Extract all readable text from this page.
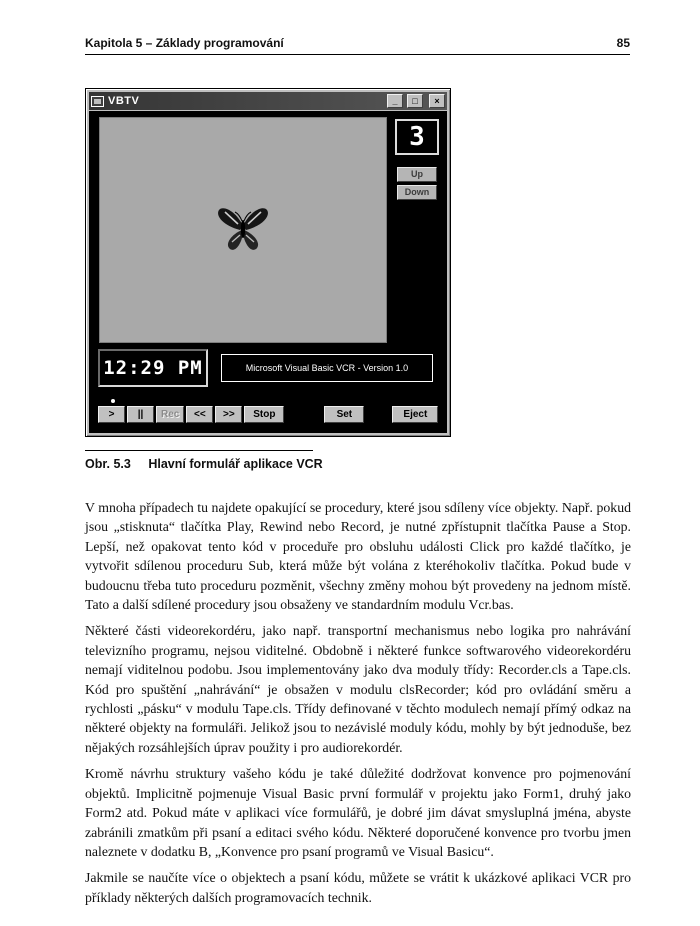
Kapitola 5 – Základy programování	85
VBTV	_	□	×
3
Up
Down
12:29 PM	Microsoft Visual Basic VCR - Version 1.0
>	||	Rec	<<	>>	Stop	Set	Eject
Obr. 5.3 Hlavní formulář aplikace VCR

V mnoha případech tu najdete opakující se procedury, které jsou sdíleny více objekty. Např. pokud jsou „stisknuta“ tlačítka Play, Rewind nebo Record, je nutné zpřístupnit tlačítka Pause a Stop. Lepší, než opakovat tento kód v proceduře pro obsluhu události Click pro každé tlačítko, je vytvořit sdílenou proceduru Sub, která může být volána z kteréhokoliv tlačítka. Pokud bude v budoucnu třeba tuto proceduru pozměnit, všechny změny mohou být provedeny na jednom místě. Tato a další sdílené procedury jsou obsaženy ve standardním modulu Vcr.bas.

Některé části videorekordéru, jako např. transportní mechanismus nebo logika pro nahrávání televizního programu, nejsou viditelné. Obdobně i některé funkce softwarového videorekordéru nemají viditelnou podobu. Jsou implementovány jako dva moduly třídy: Recorder.cls a Tape.cls. Kód pro spuštění „nahrávání“ je obsažen v modulu clsRecorder; kód pro ovládání směru a rychlosti „pásku“ v modulu Tape.cls. Třídy definované v těchto modulech nemají přímý odkaz na některé objekty na formuláři. Jelikož jsou to nezávislé moduly kódu, mohly by být jednoduše, bez nějakých rozsáhlejších úprav použity i pro audiorekordér.

Kromě návrhu struktury vašeho kódu je také důležité dodržovat konvence pro pojmenování objektů. Implicitně pojmenuje Visual Basic první formulář v projektu jako Form1, druhý jako Form2 atd. Pokud máte v aplikaci více formulářů, je dobré jim dávat smysluplná jména, abyste zabránili zmatkům při psaní a editaci svého kódu. Některé doporučené konvence pro tvorbu jmen naleznete v dodatku B, „Konvence pro psaní programů ve Visual Basicu“.

Jakmile se naučíte více o objektech a psaní kódu, můžete se vrátit k ukázkové aplikaci VCR pro příklady některých dalších programovacích technik.
